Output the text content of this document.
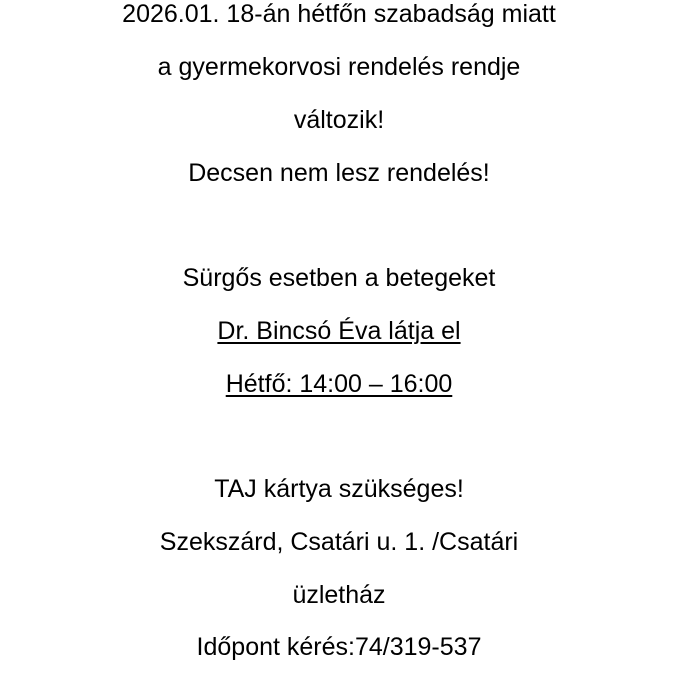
2026.01. 18-án hétfőn szabadság miatt
a gyermekorvosi rendelés rendje
változik!
Decsen nem lesz rendelés!
Sürgős esetben a betegeket
Dr. Bincsó Éva látja el
Hétfő: 14:00 – 16:00
TAJ kártya szükséges!
Szekszárd, Csatári u. 1. /Csatári
üzletház
Időpont kérés:74/319-537
